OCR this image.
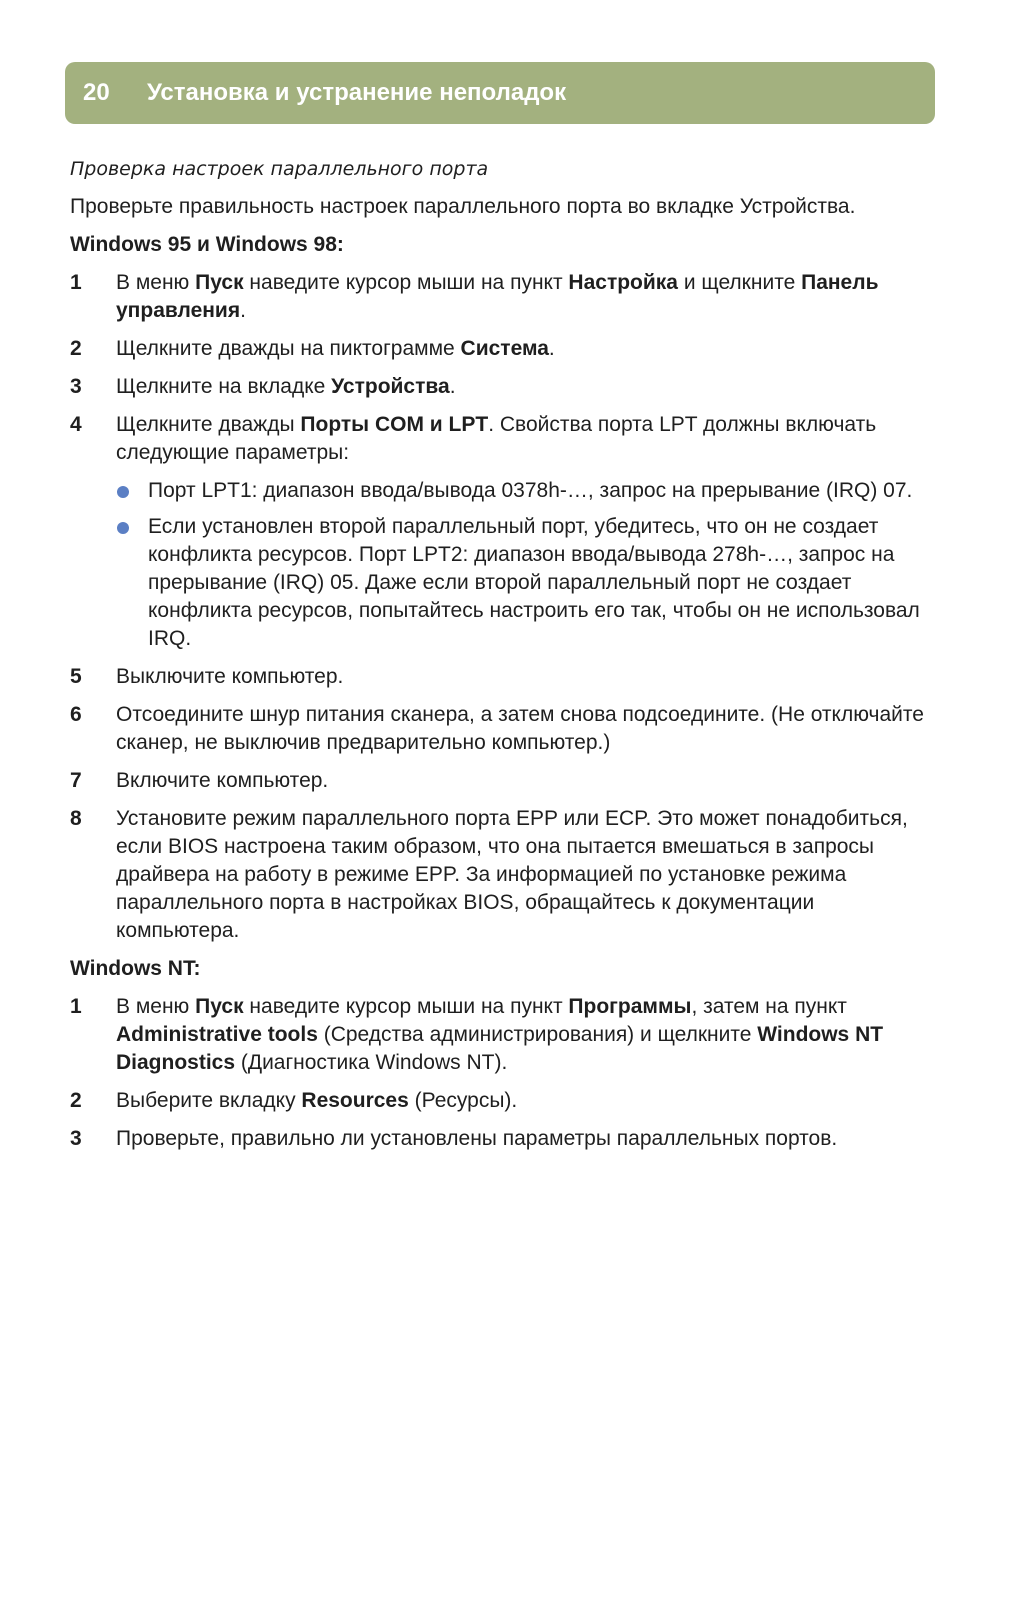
20	Установка и устранение неполадок
Проверка настроек параллельного порта
Проверьте правильность настроек параллельного порта во вкладке Устройства.
Windows 95 и Windows 98:
1	В меню Пуск наведите курсор мыши на пункт Настройка и щелкните Панель управления.
2	Щелкните дважды на пиктограмме Система.
3	Щелкните на вкладке Устройства.
4	Щелкните дважды Порты COM и LPT. Свойства порта LPT должны включать следующие параметры:
Порт LPT1: диапазон ввода/вывода 0378h-…, запрос на прерывание (IRQ) 07.
Если установлен второй параллельный порт, убедитесь, что он не создает конфликта ресурсов. Порт LPT2: диапазон ввода/вывода 278h-…, запрос на прерывание (IRQ) 05. Даже если второй параллельный порт не создает конфликта ресурсов, попытайтесь настроить его так, чтобы он не использовал IRQ.
5	Выключите компьютер.
6	Отсоедините шнур питания сканера, а затем снова подсоедините. (Не отключайте сканер, не выключив предварительно компьютер.)
7	Включите компьютер.
8	Установите режим параллельного порта EPP или ECP. Это может понадобиться, если BIOS настроена таким образом, что она пытается вмешаться в запросы драйвера на работу в режиме EPP. За информацией по установке режима параллельного порта в настройках BIOS, обращайтесь к документации компьютера.
Windows NT:
1	В меню Пуск наведите курсор мыши на пункт Программы, затем на пункт Administrative tools (Средства администрирования) и щелкните Windows NT Diagnostics (Диагностика Windows NT).
2	Выберите вкладку Resources (Ресурсы).
3	Проверьте, правильно ли установлены параметры параллельных портов.
